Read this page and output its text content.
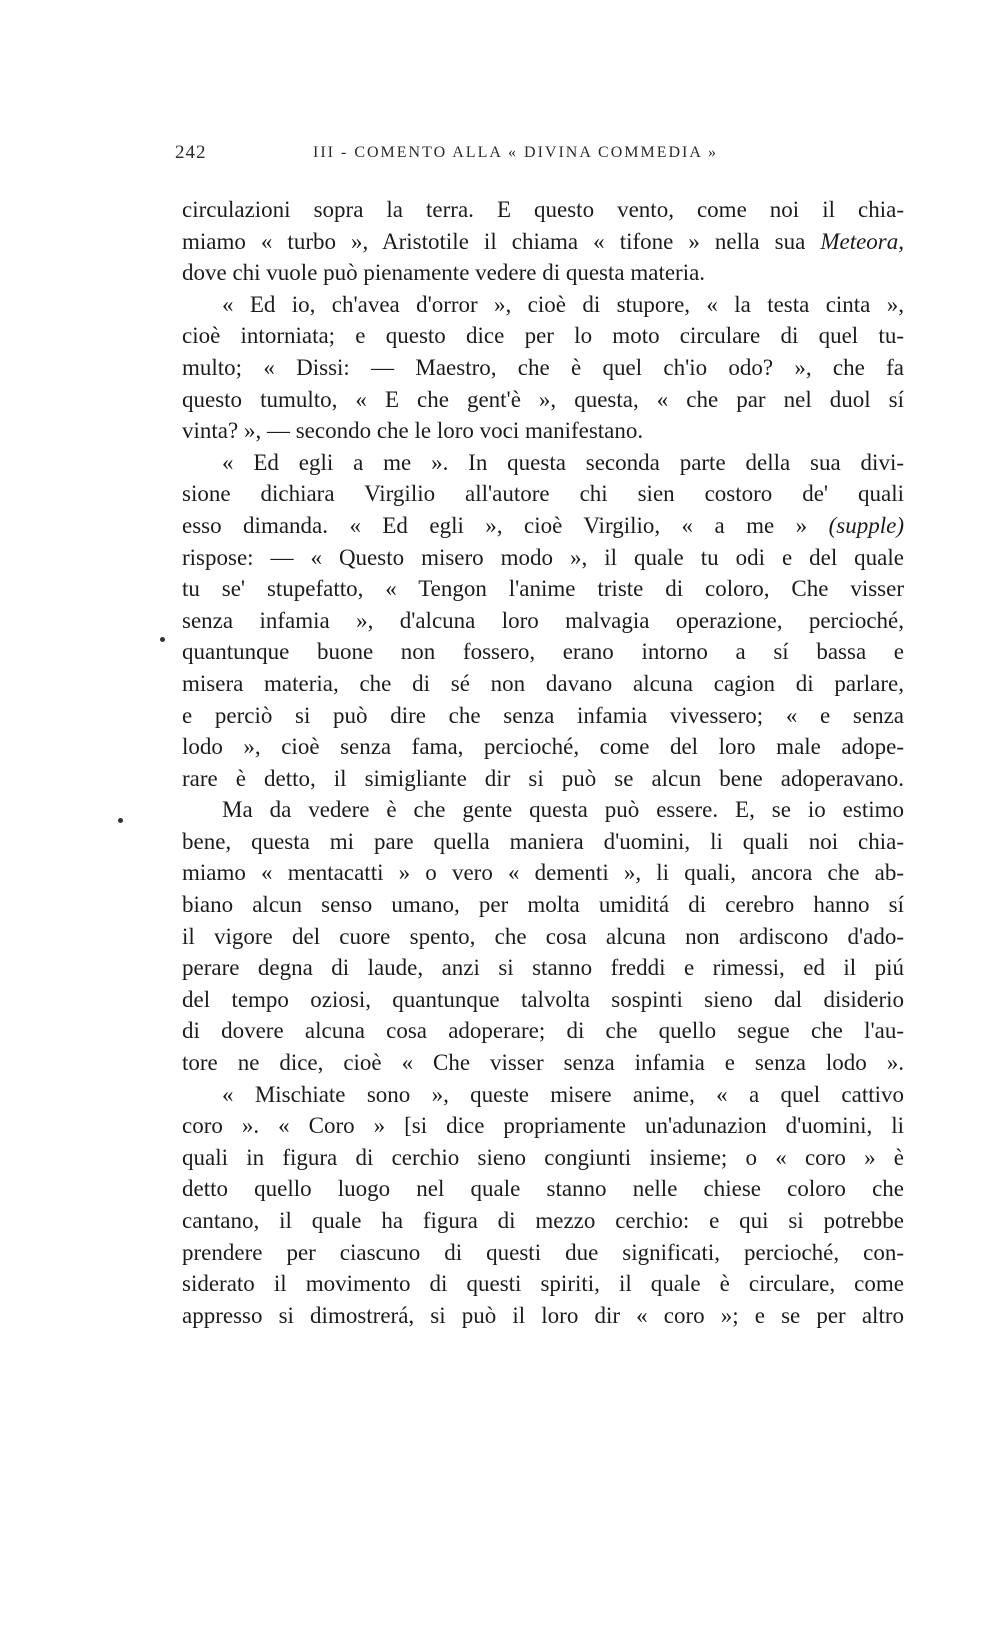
242	III - COMENTO ALLA « DIVINA COMMEDIA »
circulazioni sopra la terra. E questo vento, come noi il chia-
miamo « turbo », Aristotile il chiama « tifone » nella sua Meteora,
dove chi vuole può pienamente vedere di questa materia.
« Ed io, ch'avea d'orror », cioè di stupore, « la testa cinta »,
cioè intorniata; e questo dice per lo moto circulare di quel tu-
multo; « Dissi: — Maestro, che è quel ch'io odo? », che fa
questo tumulto, « E che gent'è », questa, « che par nel duol sí
vinta? », — secondo che le loro voci manifestano.
« Ed egli a me ». In questa seconda parte della sua divi-
sione dichiara Virgilio all'autore chi sien costoro de' quali
esso dimanda. « Ed egli », cioè Virgilio, « a me » (supple)
rispose: — « Questo misero modo », il quale tu odi e del quale
tu se' stupefatto, « Tengon l'anime triste di coloro, Che visser
senza infamia », d'alcuna loro malvagia operazione, percioché,
quantunque buone non fossero, erano intorno a sí bassa e
misera materia, che di sé non davano alcuna cagion di parlare,
e perciò si può dire che senza infamia vivessero; « e senza
lodo », cioè senza fama, percioché, come del loro male adope-
rare è detto, il simigliante dir si può se alcun bene adoperavano.
Ma da vedere è che gente questa può essere. E, se io estimo
bene, questa mi pare quella maniera d'uomini, li quali noi chia-
miamo « mentacatti » o vero « dementi », li quali, ancora che ab-
biano alcun senso umano, per molta umiditá di cerebro hanno sí
il vigore del cuore spento, che cosa alcuna non ardiscono d'ado-
perare degna di laude, anzi si stanno freddi e rimessi, ed il piú
del tempo oziosi, quantunque talvolta sospinti sieno dal disiderio
di dovere alcuna cosa adoperare; di che quello segue che l'au-
tore ne dice, cioè « Che visser senza infamia e senza lodo ».
« Mischiate sono », queste misere anime, « a quel cattivo
coro ». « Coro » [si dice propriamente un'adunazion d'uomini, li
quali in figura di cerchio sieno congiunti insieme; o « coro » è
detto quello luogo nel quale stanno nelle chiese coloro che
cantano, il quale ha figura di mezzo cerchio: e qui si potrebbe
prendere per ciascuno di questi due significati, percioché, con-
siderato il movimento di questi spiriti, il quale è circulare, come
appresso si dimostrerá, si può il loro dir « coro »; e se per altro
